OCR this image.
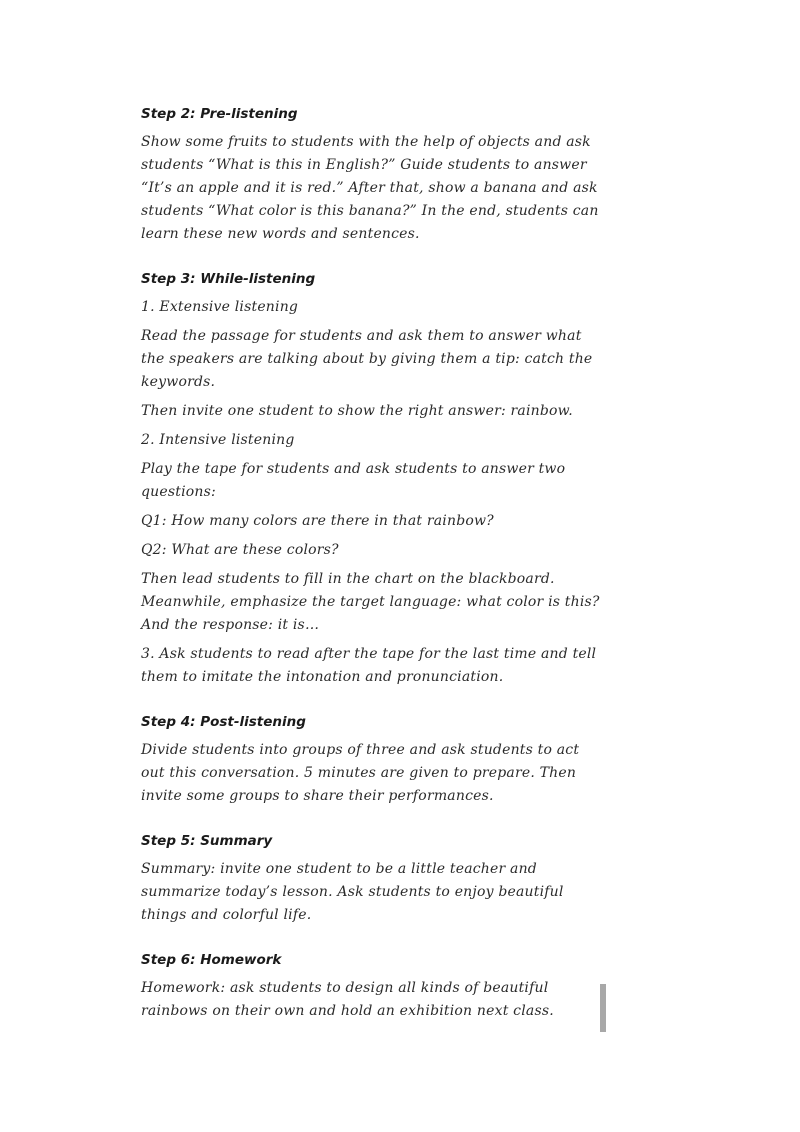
Step 2: Pre-listening

Show some fruits to students with the help of objects and ask students “What is this in English?” Guide students to answer “It’s an apple and it is red.” After that, show a banana and ask students “What color is this banana?” In the end, students can learn these new words and sentences.

Step 3: While-listening

1. Extensive listening

Read the passage for students and ask them to answer what the speakers are talking about by giving them a tip: catch the keywords.

Then invite one student to show the right answer: rainbow.

2. Intensive listening

Play the tape for students and ask students to answer two questions:

Q1: How many colors are there in that rainbow?

Q2: What are these colors?

Then lead students to fill in the chart on the blackboard. Meanwhile, emphasize the target language: what color is this? And the response: it is…

3. Ask students to read after the tape for the last time and tell them to imitate the intonation and pronunciation.

Step 4: Post-listening

Divide students into groups of three and ask students to act out this conversation. 5 minutes are given to prepare. Then invite some groups to share their performances.

Step 5: Summary

Summary: invite one student to be a little teacher and summarize today’s lesson. Ask students to enjoy beautiful things and colorful life.

Step 6: Homework

Homework: ask students to design all kinds of beautiful rainbows on their own and hold an exhibition next class.
